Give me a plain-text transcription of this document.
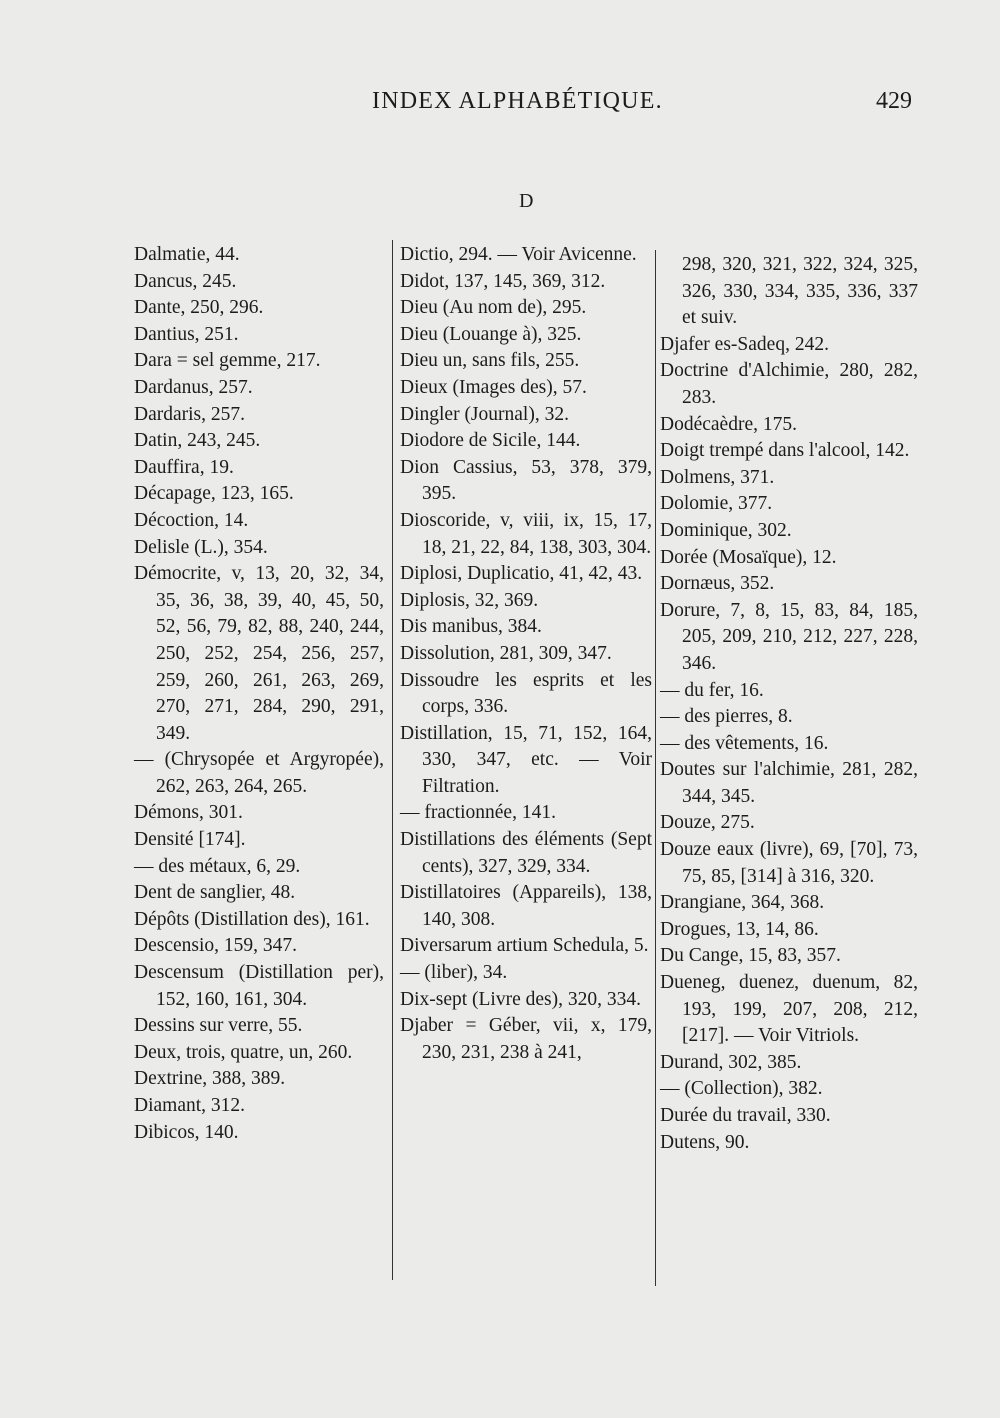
INDEX ALPHABÉTIQUE.	429
D
Dalmatie, 44.
Dancus, 245.
Dante, 250, 296.
Dantius, 251.
Dara = sel gemme, 217.
Dardanus, 257.
Dardaris, 257.
Datin, 243, 245.
Dauffira, 19.
Décapage, 123, 165.
Décoction, 14.
Delisle (L.), 354.
Démocrite, v, 13, 20, 32, 34, 35, 36, 38, 39, 40, 45, 50, 52, 56, 79, 82, 88, 240, 244, 250, 252, 254, 256, 257, 259, 260, 261, 263, 269, 270, 271, 284, 290, 291, 349.
— (Chrysopée et Argyropée), 262, 263, 264, 265.
Démons, 301.
Densité [174].
— des métaux, 6, 29.
Dent de sanglier, 48.
Dépôts (Distillation des), 161.
Descensio, 159, 347.
Descensum (Distillation per), 152, 160, 161, 304.
Dessins sur verre, 55.
Deux, trois, quatre, un, 260.
Dextrine, 388, 389.
Diamant, 312.
Dibicos, 140.
Dictio, 294. — Voir Avicenne.
Didot, 137, 145, 369, 312.
Dieu (Au nom de), 295.
Dieu (Louange à), 325.
Dieu un, sans fils, 255.
Dieux (Images des), 57.
Dingler (Journal), 32.
Diodore de Sicile, 144.
Dion Cassius, 53, 378, 379, 395.
Dioscoride, v, viii, ix, 15, 17, 18, 21, 22, 84, 138, 303, 304.
Diplosi, Duplicatio, 41, 42, 43.
Diplosis, 32, 369.
Dis manibus, 384.
Dissolution, 281, 309, 347.
Dissoudre les esprits et les corps, 336.
Distillation, 15, 71, 152, 164, 330, 347, etc. — Voir Filtration.
— fractionnée, 141.
Distillations des éléments (Sept cents), 327, 329, 334.
Distillatoires (Appareils), 138, 140, 308.
Diversarum artium Schedula, 5.
— (liber), 34.
Dix-sept (Livre des), 320, 334.
Djaber = Géber, vii, x, 179, 230, 231, 238 à 241,
298, 320, 321, 322, 324, 325, 326, 330, 334, 335, 336, 337 et suiv.
Djafer es-Sadeq, 242.
Doctrine d'Alchimie, 280, 282, 283.
Dodécaèdre, 175.
Doigt trempé dans l'alcool, 142.
Dolmens, 371.
Dolomie, 377.
Dominique, 302.
Dorée (Mosaïque), 12.
Dornæus, 352.
Dorure, 7, 8, 15, 83, 84, 185, 205, 209, 210, 212, 227, 228, 346.
— du fer, 16.
— des pierres, 8.
— des vêtements, 16.
Doutes sur l'alchimie, 281, 282, 344, 345.
Douze, 275.
Douze eaux (livre), 69, [70], 73, 75, 85, [314] à 316, 320.
Drangiane, 364, 368.
Drogues, 13, 14, 86.
Du Cange, 15, 83, 357.
Dueneg, duenez, duenum, 82, 193, 199, 207, 208, 212, [217]. — Voir Vitriols.
Durand, 302, 385.
— (Collection), 382.
Durée du travail, 330.
Dutens, 90.
